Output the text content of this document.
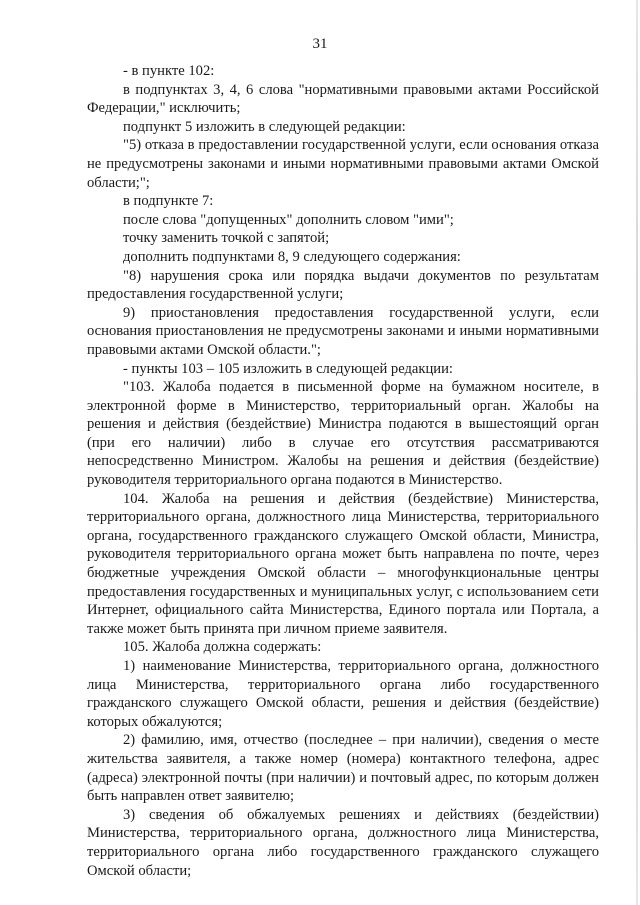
31

- в пункте 102:

в подпунктах 3, 4, 6 слова "нормативными правовыми актами Российской Федерации," исключить;

подпункт 5 изложить в следующей редакции:

"5) отказа в предоставлении государственной услуги, если основания отказа не предусмотрены законами и иными нормативными правовыми актами Омской области;";

в подпункте 7:

после слова "допущенных" дополнить словом "ими";

точку заменить точкой с запятой;

дополнить подпунктами 8, 9 следующего содержания:

"8) нарушения срока или порядка выдачи документов по результатам предоставления государственной услуги;

9) приостановления предоставления государственной услуги, если основания приостановления не предусмотрены законами и иными нормативными правовыми актами Омской области.";

- пункты 103 – 105 изложить в следующей редакции:

"103. Жалоба подается в письменной форме на бумажном носителе, в электронной форме в Министерство, территориальный орган. Жалобы на решения и действия (бездействие) Министра подаются в вышестоящий орган (при его наличии) либо в случае его отсутствия рассматриваются непосредственно Министром. Жалобы на решения и действия (бездействие) руководителя территориального органа подаются в Министерство.

104. Жалоба на решения и действия (бездействие) Министерства, территориального органа, должностного лица Министерства, территориального органа, государственного гражданского служащего Омской области, Министра, руководителя территориального органа может быть направлена по почте, через бюджетные учреждения Омской области – многофункциональные центры предоставления государственных и муниципальных услуг, с использованием сети Интернет, официального сайта Министерства, Единого портала или Портала, а также может быть принята при личном приеме заявителя.

105. Жалоба должна содержать:

1) наименование Министерства, территориального органа, должностного лица Министерства, территориального органа либо государственного гражданского служащего Омской области, решения и действия (бездействие) которых обжалуются;

2) фамилию, имя, отчество (последнее – при наличии), сведения о месте жительства заявителя, а также номер (номера) контактного телефона, адрес (адреса) электронной почты (при наличии) и почтовый адрес, по которым должен быть направлен ответ заявителю;

3) сведения об обжалуемых решениях и действиях (бездействии) Министерства, территориального органа, должностного лица Министерства, территориального органа либо государственного гражданского служащего Омской области;
